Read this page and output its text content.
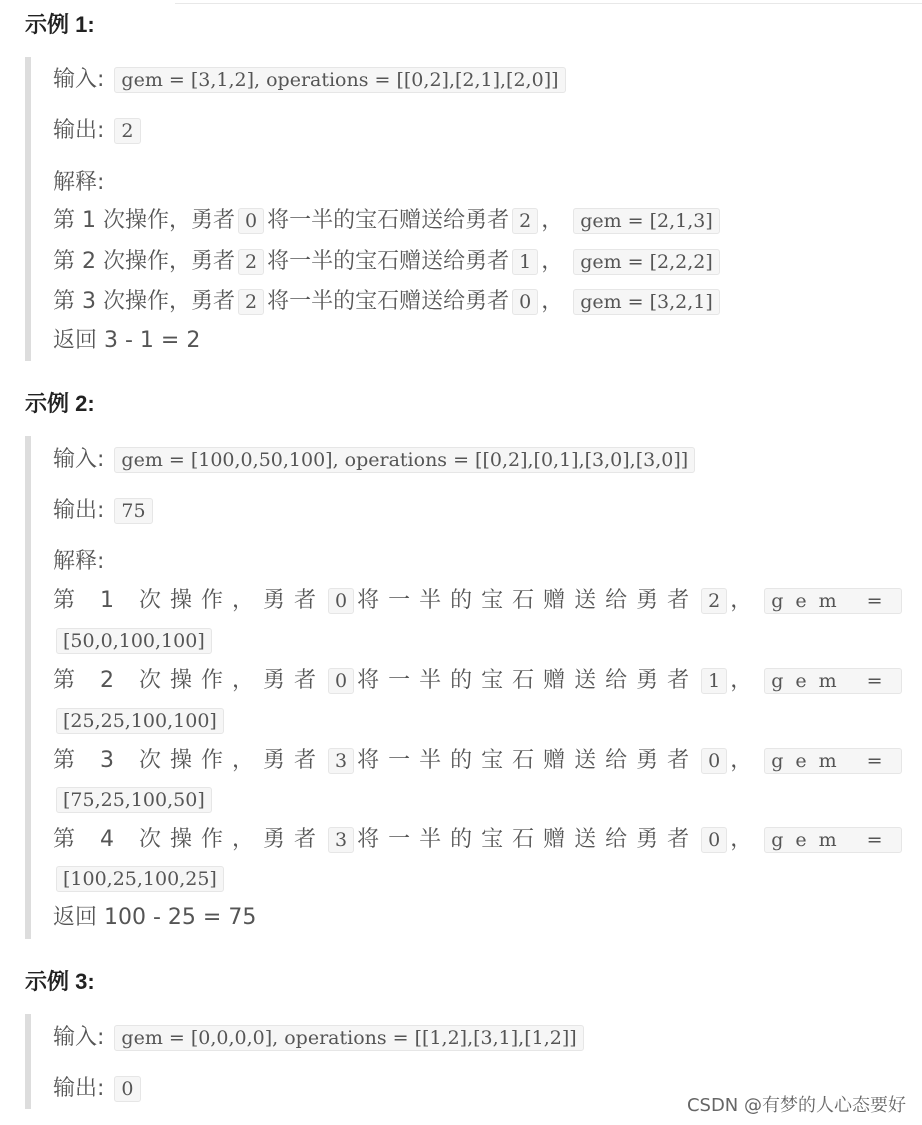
示例 1:
输入: gem = [3,1,2], operations = [[0,2],[2,1],[2,0]]
输出: 2
解释:
第 1 次操作，勇者 0 将一半的宝石赠送给勇者 2 ， gem = [2,1,3]
第 2 次操作，勇者 2 将一半的宝石赠送给勇者 1 ， gem = [2,2,2]
第 3 次操作，勇者 2 将一半的宝石赠送给勇者 0 ， gem = [3,2,1]
返回 3 - 1 = 2
示例 2:
输入: gem = [100,0,50,100], operations = [[0,2],[0,1],[3,0],[3,0]]
输出: 75
解释:
第 1 次操作，勇者 0 将一半的宝石赠送给勇者 2 ， gem =
[50,0,100,100]
第 2 次操作，勇者 0 将一半的宝石赠送给勇者 1 ， gem =
[25,25,100,100]
第 3 次操作，勇者 3 将一半的宝石赠送给勇者 0 ， gem =
[75,25,100,50]
第 4 次操作，勇者 3 将一半的宝石赠送给勇者 0 ， gem =
[100,25,100,25]
返回 100 - 25 = 75
示例 3:
输入: gem = [0,0,0,0], operations = [[1,2],[3,1],[1,2]]
输出: 0
CSDN @有梦的人心态要好
